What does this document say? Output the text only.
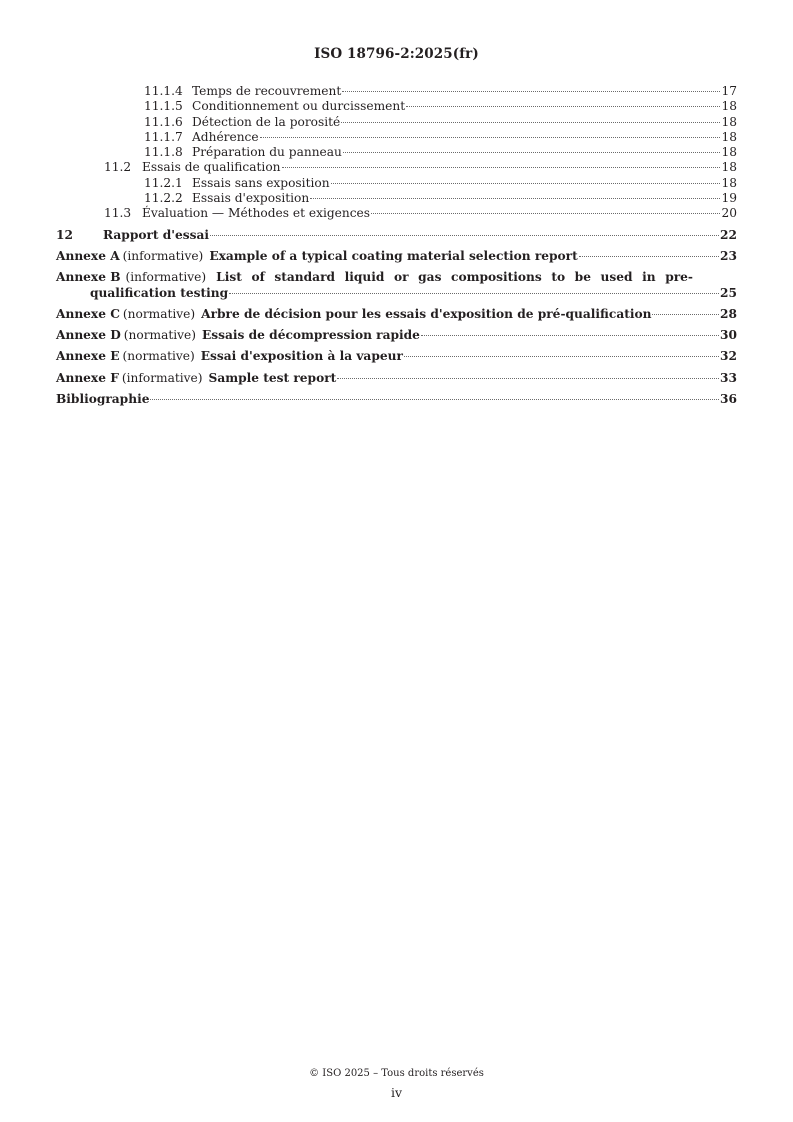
ISO 18796-2:2025(fr)
11.1.4 Temps de recouvrement	17
11.1.5 Conditionnement ou durcissement	18
11.1.6 Détection de la porosité	18
11.1.7 Adhérence	18
11.1.8 Préparation du panneau	18
11.2 Essais de qualification	18
11.2.1 Essais sans exposition	18
11.2.2 Essais d'exposition	19
11.3 Évaluation — Méthodes et exigences	20
12	Rapport d'essai	22
Annexe A (informative) Example of a typical coating material selection report	23
Annexe B (informative) List of standard liquid or gas compositions to be used in pre-
qualification testing	25
Annexe C (normative) Arbre de décision pour les essais d'exposition de pré-qualification	28
Annexe D (normative) Essais de décompression rapide	30
Annexe E (normative) Essai d'exposition à la vapeur	32
Annexe F (informative) Sample test report	33
Bibliographie	36
© ISO 2025 – Tous droits réservés
iv
